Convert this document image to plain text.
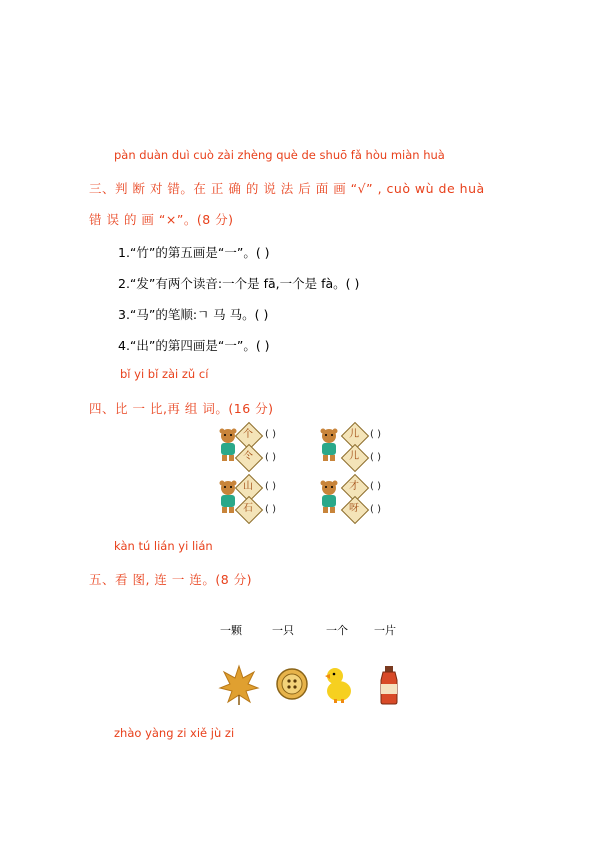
pàn duàn duì cuò zài zhèng què de shuō fǎ hòu miàn huà
三、判 断 对 错。在 正 确 的 说 法 后 面 画 “√” , cuò wù de huà
错 误 的 画 “×”。(8 分)
1.“竹”的第五画是“一”。( )
2.“发”有两个读音:一个是 fā,一个是 fà。( )
3.“马”的笔顺:ㄱ 马 马。( )
4.“出”的第四画是“一”。( )
bǐ yi bǐ zài zǔ cí
四、比 一 比,再 组 词。(16 分)
个
仒
( )
( )
儿
儿
( )
( )
山
石
( )
( )
才
呀
( )
( )
kàn tú lián yi lián
五、看 图, 连 一 连。(8 分)
一颗	一只	一个 一片
zhào yàng zi xiě jù zi
